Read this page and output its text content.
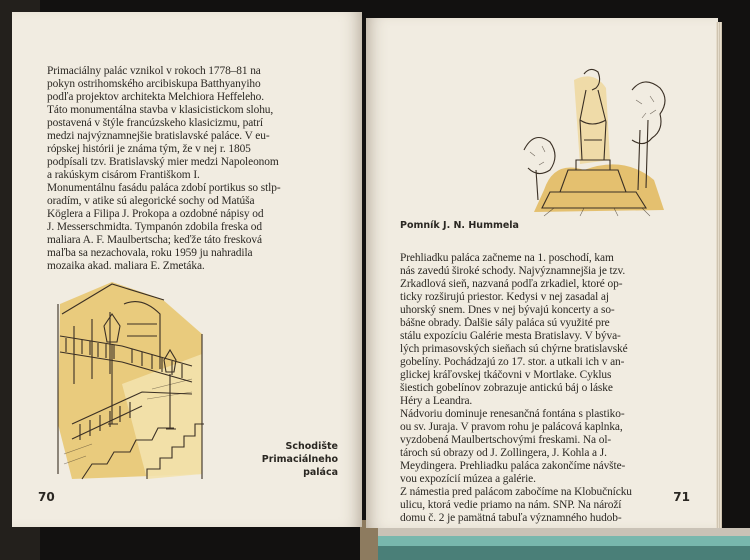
Primaciálny palác vznikol v rokoch 1778–81 na
pokyn ostrihomského arcibiskupa Batthyanyiho
podľa projektov architekta Melchiora Heffeleho.
Táto monumentálna stavba v klasicistickom slohu,
postavená v štýle francúzskeho klasicizmu, patrí
medzi najvýznamnejšie bratislavské paláce. V eu-
rópskej histórii je známa tým, že v nej r. 1805
podpísali tzv. Bratislavský mier medzi Napoleonom
a rakúskym cisárom Františkom I.
Monumentálnu fasádu paláca zdobí portikus so stĺp-
oradím, v atike sú alegorické sochy od Matúša
Köglera a Filipa J. Prokopa a ozdobné nápisy od
J. Messerschmidta. Tympanón zdobila freska od
maliara A. F. Maulbertscha; keďže táto fresková
maľba sa nezachovala, roku 1959 ju nahradila
mozaika akad. maliara E. Zmetáka.
Schodište
Primaciálneho
paláca
70
Pomník J. N. Hummela
Prehliadku paláca začneme na 1. poschodí, kam
nás zavedú široké schody. Najvýznamnejšia je tzv.
Zrkadlová sieň, nazvaná podľa zrkadiel, ktoré op-
ticky rozširujú priestor. Kedysi v nej zasadal aj
uhorský snem. Dnes v nej bývajú koncerty a so-
bášne obrady. Ďalšie sály paláca sú využité pre
stálu expozíciu Galérie mesta Bratislavy. V býva-
lých primasovských sieňach sú chýrne bratislavské
gobelíny. Pochádzajú zo 17. stor. a utkali ich v an-
glickej kráľovskej tkáčovni v Mortlake. Cyklus
šiestich gobelínov zobrazuje antickú báj o láske
Héry a Leandra.
Nádvoriu dominuje renesančná fontána s plastiko-
ou sv. Juraja. V pravom rohu je palácová kaplnka,
vyzdobená Maulbertschovými freskami. Na ol-
tároch sú obrazy od J. Zollingera, J. Kohla a J.
Meydingera. Prehliadku paláca zakončíme návšte-
vou expozícií múzea a galérie.
Z námestia pred palácom zabočíme na Klobučnícku
ulicu, ktorá vedie priamo na nám. SNP. Na nároží
domu č. 2 je pamätná tabuľa významného hudob-
71
